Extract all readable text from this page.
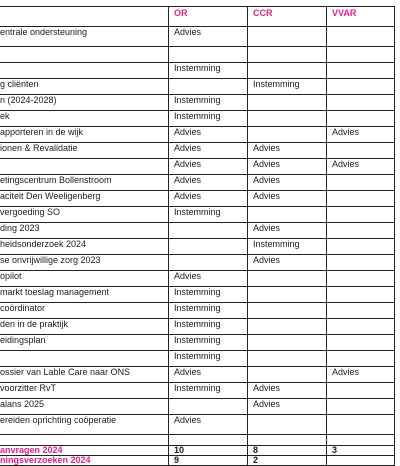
	OR	CCR	VVAR
entrale ondersteuning	Advies		

	Instemming		
g cliënten		Instemming	
n (2024-2028)	Instemming		
ek	Instemming		
apporteren in de wijk	Advies		Advies
ionen & Revalidatie	Advies	Advies	
	Advies	Advies	Advies
etingscentrum Bollenstroom	Advies	Advies	
aciteit Den Weeligenberg	Advies	Advies	
vergoeding SO	Instemming		
ding 2023		Advies	
heidsonderzoek 2024		Instemming	
se onvrijwillige zorg 2023		Advies	
opilot	Advies		
markt toeslag management	Instemming		
coördinator	Instemming		
den in de praktijk	Instemming		
eidingsplan	Instemming		
	Instemming		
ossier van Lable Care naar ONS	Advies		Advies
voorzitter RvT	Instemming	Advies	
alans 2025		Advies	
ereiden oprichting coöperatie	Advies		

anvragen 2024	10	8	3
ningsverzoeken 2024	9	2	
